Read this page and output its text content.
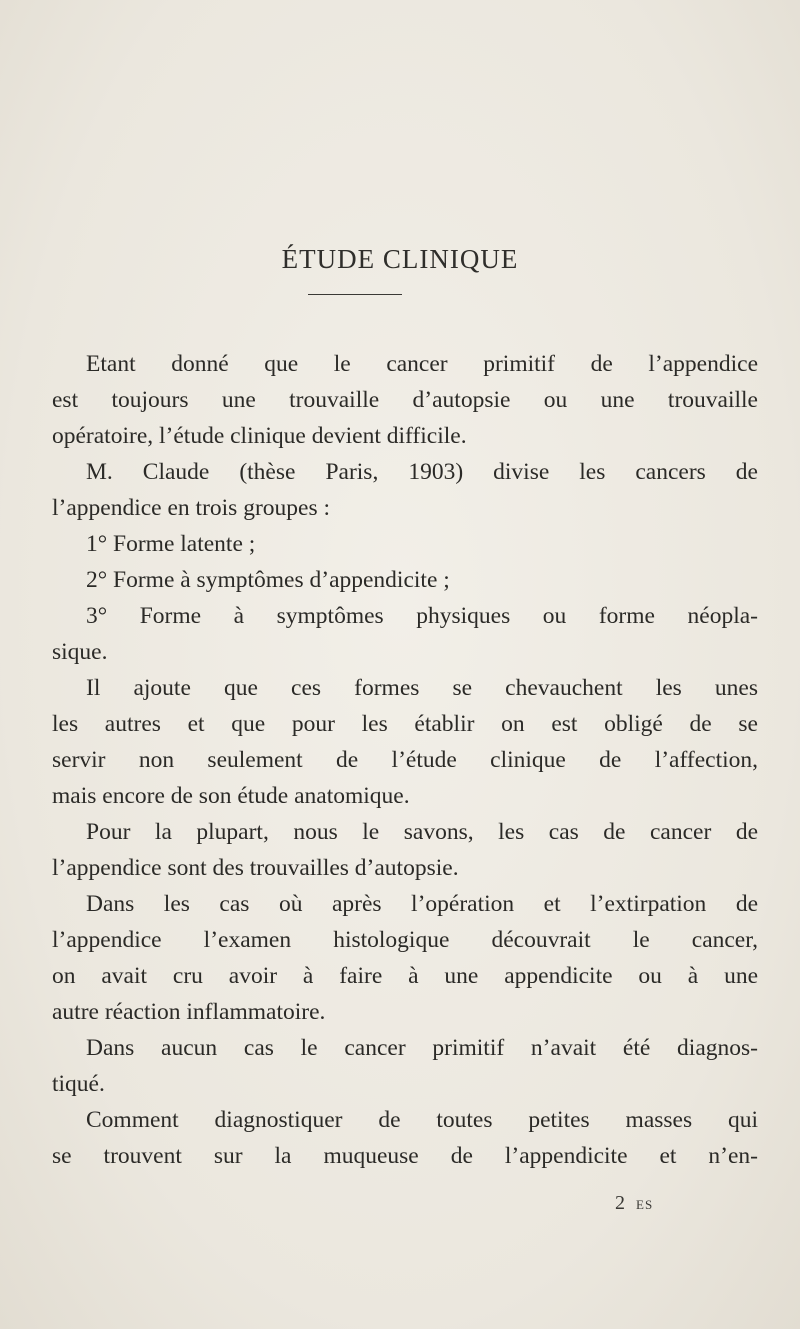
ÉTUDE CLINIQUE
Etant donné que le cancer primitif de l’appendice
est toujours une trouvaille d’autopsie ou une trouvaille
opératoire, l’étude clinique devient difficile.
M. Claude (thèse Paris, 1903) divise les cancers de
l’appendice en trois groupes :
1° Forme latente ;
2° Forme à symptômes d’appendicite ;
3° Forme à symptômes physiques ou forme néopla-
sique.
Il ajoute que ces formes se chevauchent les unes
les autres et que pour les établir on est obligé de se
servir non seulement de l’étude clinique de l’affection,
mais encore de son étude anatomique.
Pour la plupart, nous le savons, les cas de cancer de
l’appendice sont des trouvailles d’autopsie.
Dans les cas où après l’opération et l’extirpation de
l’appendice l’examen histologique découvrait le cancer,
on avait cru avoir à faire à une appendicite ou à une
autre réaction inflammatoire.
Dans aucun cas le cancer primitif n’avait été diagnos-
tiqué.
Comment diagnostiquer de toutes petites masses qui
se trouvent sur la muqueuse de l’appendicite et n’en-
2 ES
